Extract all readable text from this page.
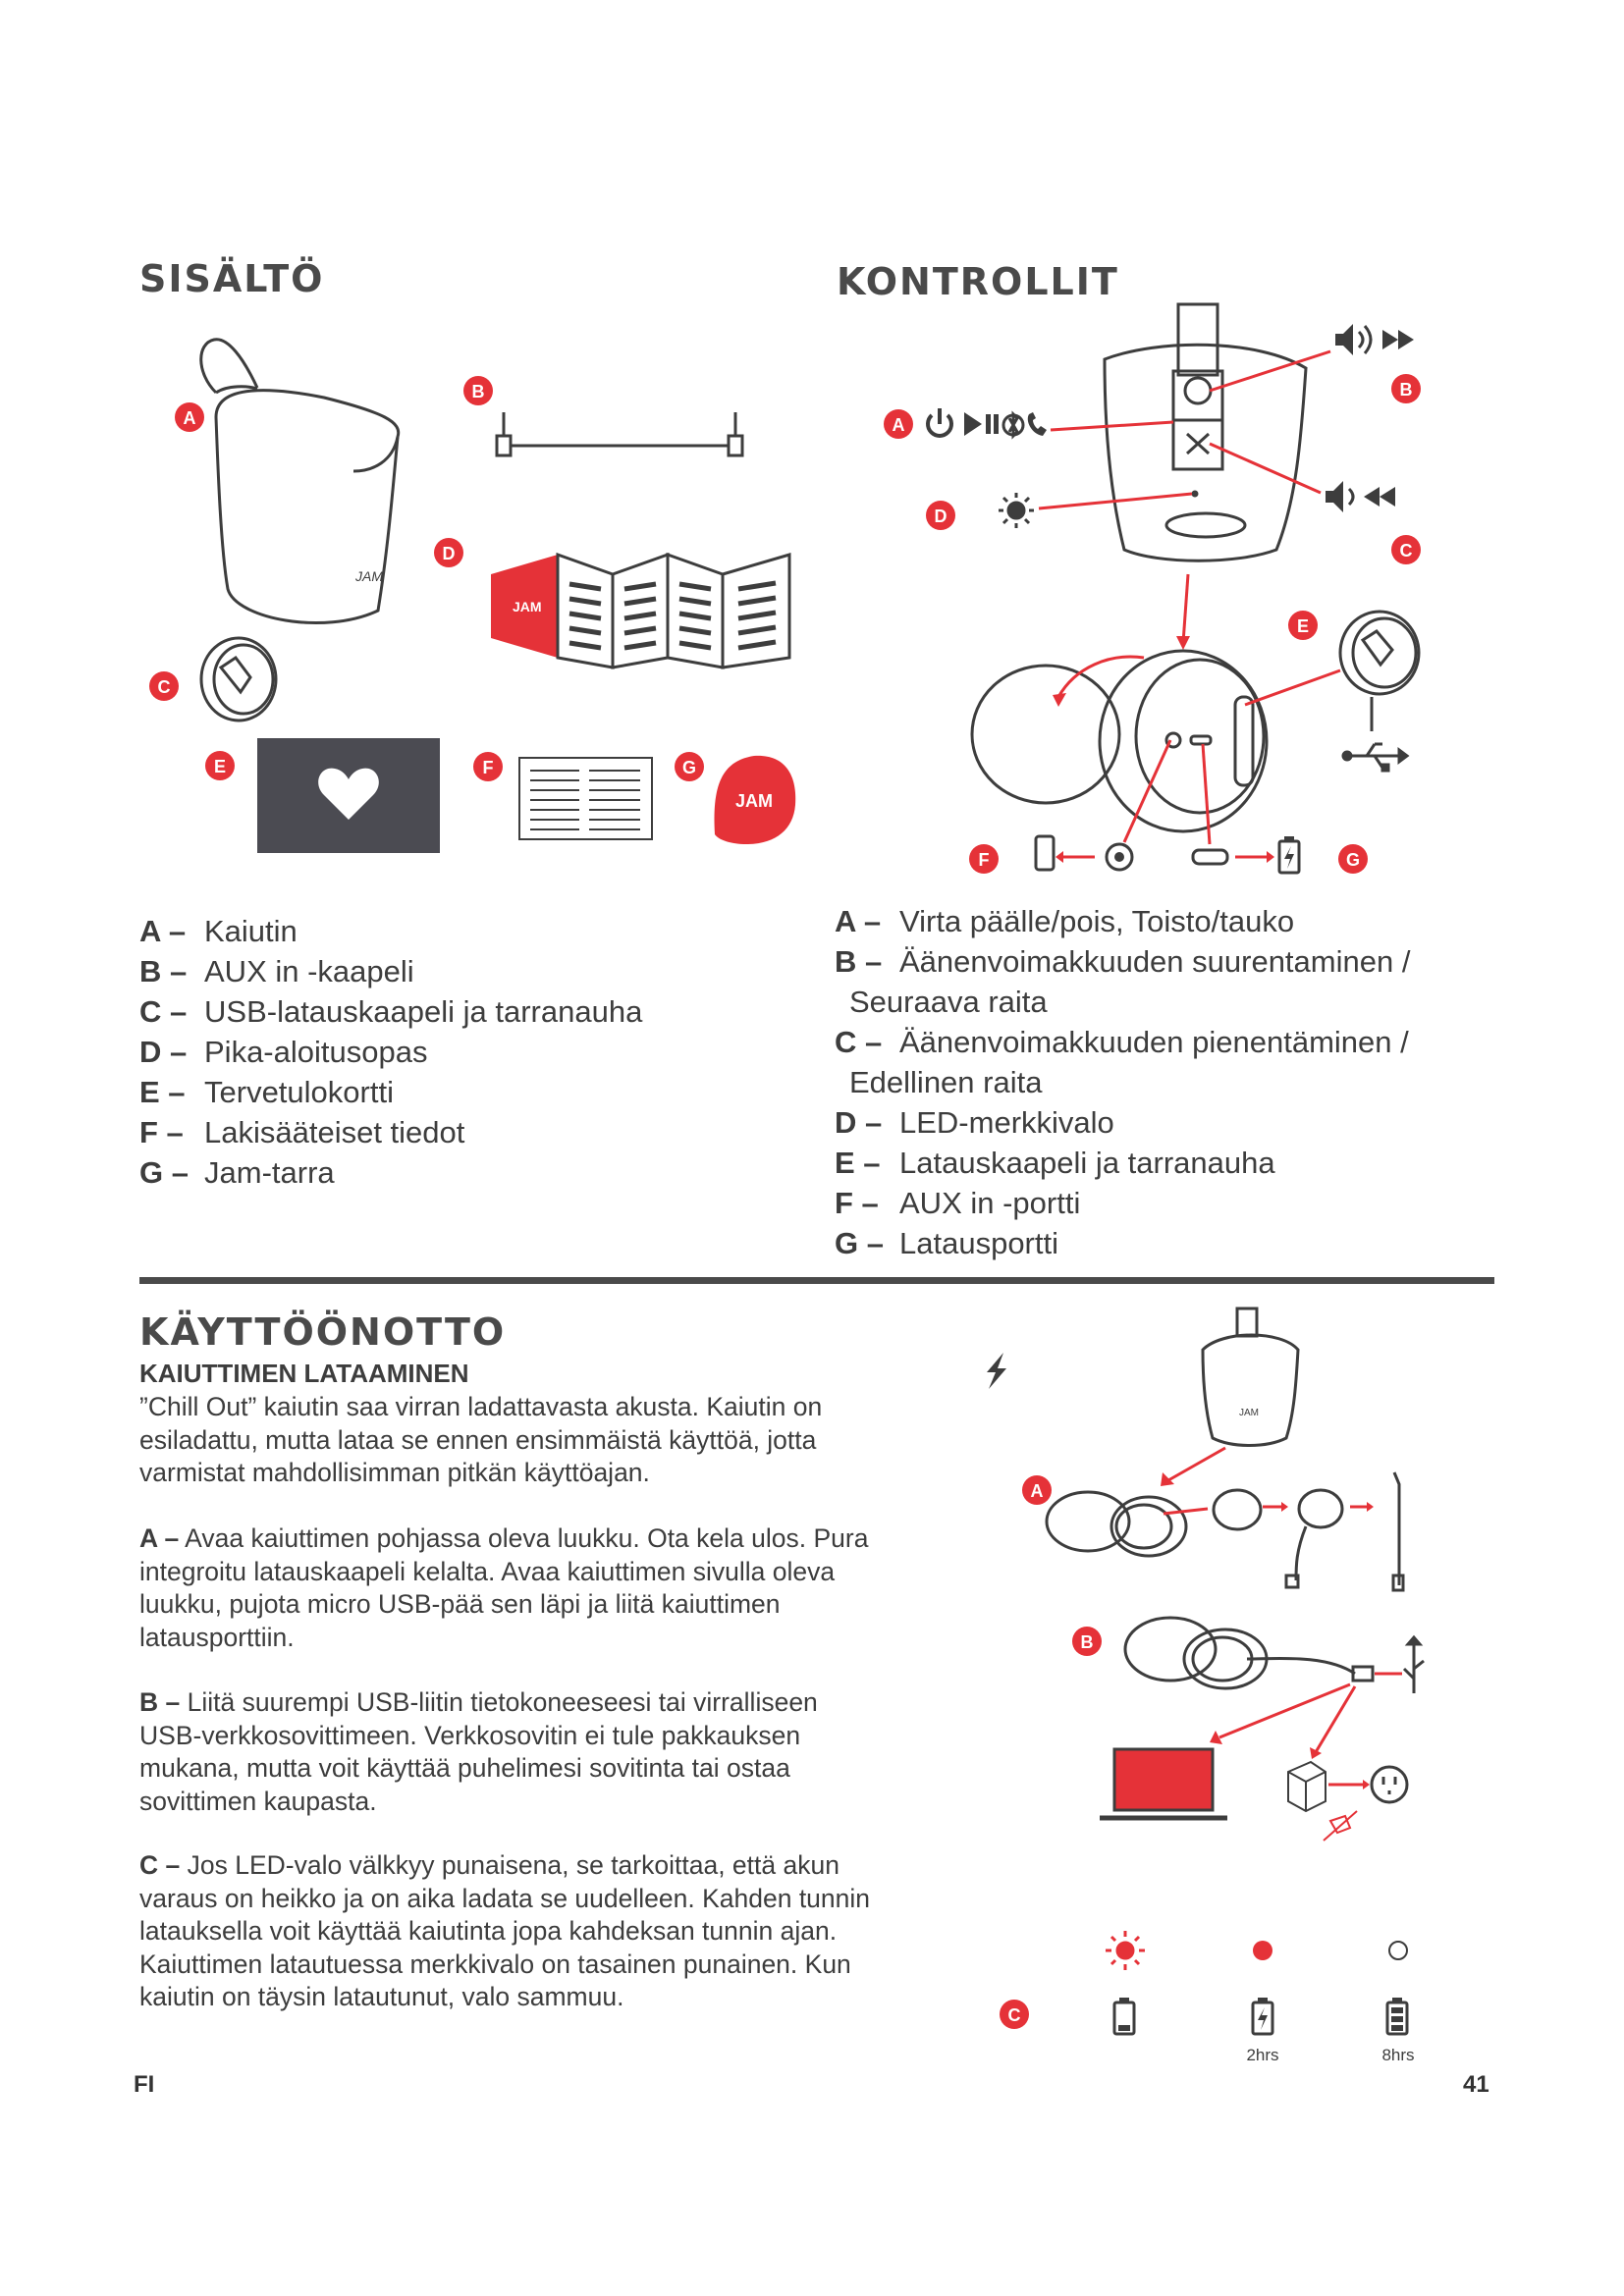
SISÄLTÖ
JAM
A
B
D
JAM
C
E	F	G
JAM
A – Kaiutin
B – AUX in -kaapeli
C – USB-latauskaapeli ja tarranauha
D – Pika-aloitusopas
E – Tervetulokortti
F – Lakisääteiset tiedot
G – Jam-tarra
KONTROLLIT
A
B
C
D
E
F	G
A – Virta päälle/pois, Toisto/tauko
B – Äänenvoimakkuuden suurentaminen /
Seuraava raita
C – Äänenvoimakkuuden pienentäminen /
Edellinen raita
D – LED-merkkivalo
E – Latauskaapeli ja tarranauha
F – AUX in -portti
G – Latausportti
KÄYTTÖÖNOTTO
KAIUTTIMEN LATAAMINEN
”Chill Out” kaiutin saa virran ladattavasta akusta. Kaiutin on esiladattu, mutta lataa se ennen ensimmäistä käyttöä, jotta varmistat mahdollisimman pitkän käyttöajan.
A – Avaa kaiuttimen pohjassa oleva luukku. Ota kela ulos. Pura integroitu latauskaapeli kelalta. Avaa kaiuttimen sivulla oleva luukku, pujota micro USB-pää sen läpi ja liitä kaiuttimen latausporttiin.
B – Liitä suurempi USB-liitin tietokoneeseesi tai virralliseen USB-verkkosovittimeen. Verkkosovitin ei tule pakkauksen mukana, mutta voit käyttää puhelimesi sovitinta tai ostaa sovittimen kaupasta.
C – Jos LED-valo välkkyy punaisena, se tarkoittaa, että akun varaus on heikko ja on aika ladata se uudelleen. Kahden tunnin latauksella voit käyttää kaiutinta jopa kahdeksan tunnin ajan. Kaiuttimen latautuessa merkkivalo on tasainen punainen. Kun kaiutin on täysin latautunut, valo sammuu.
JAM
A
B
C
2hrs	8hrs
FI	41
